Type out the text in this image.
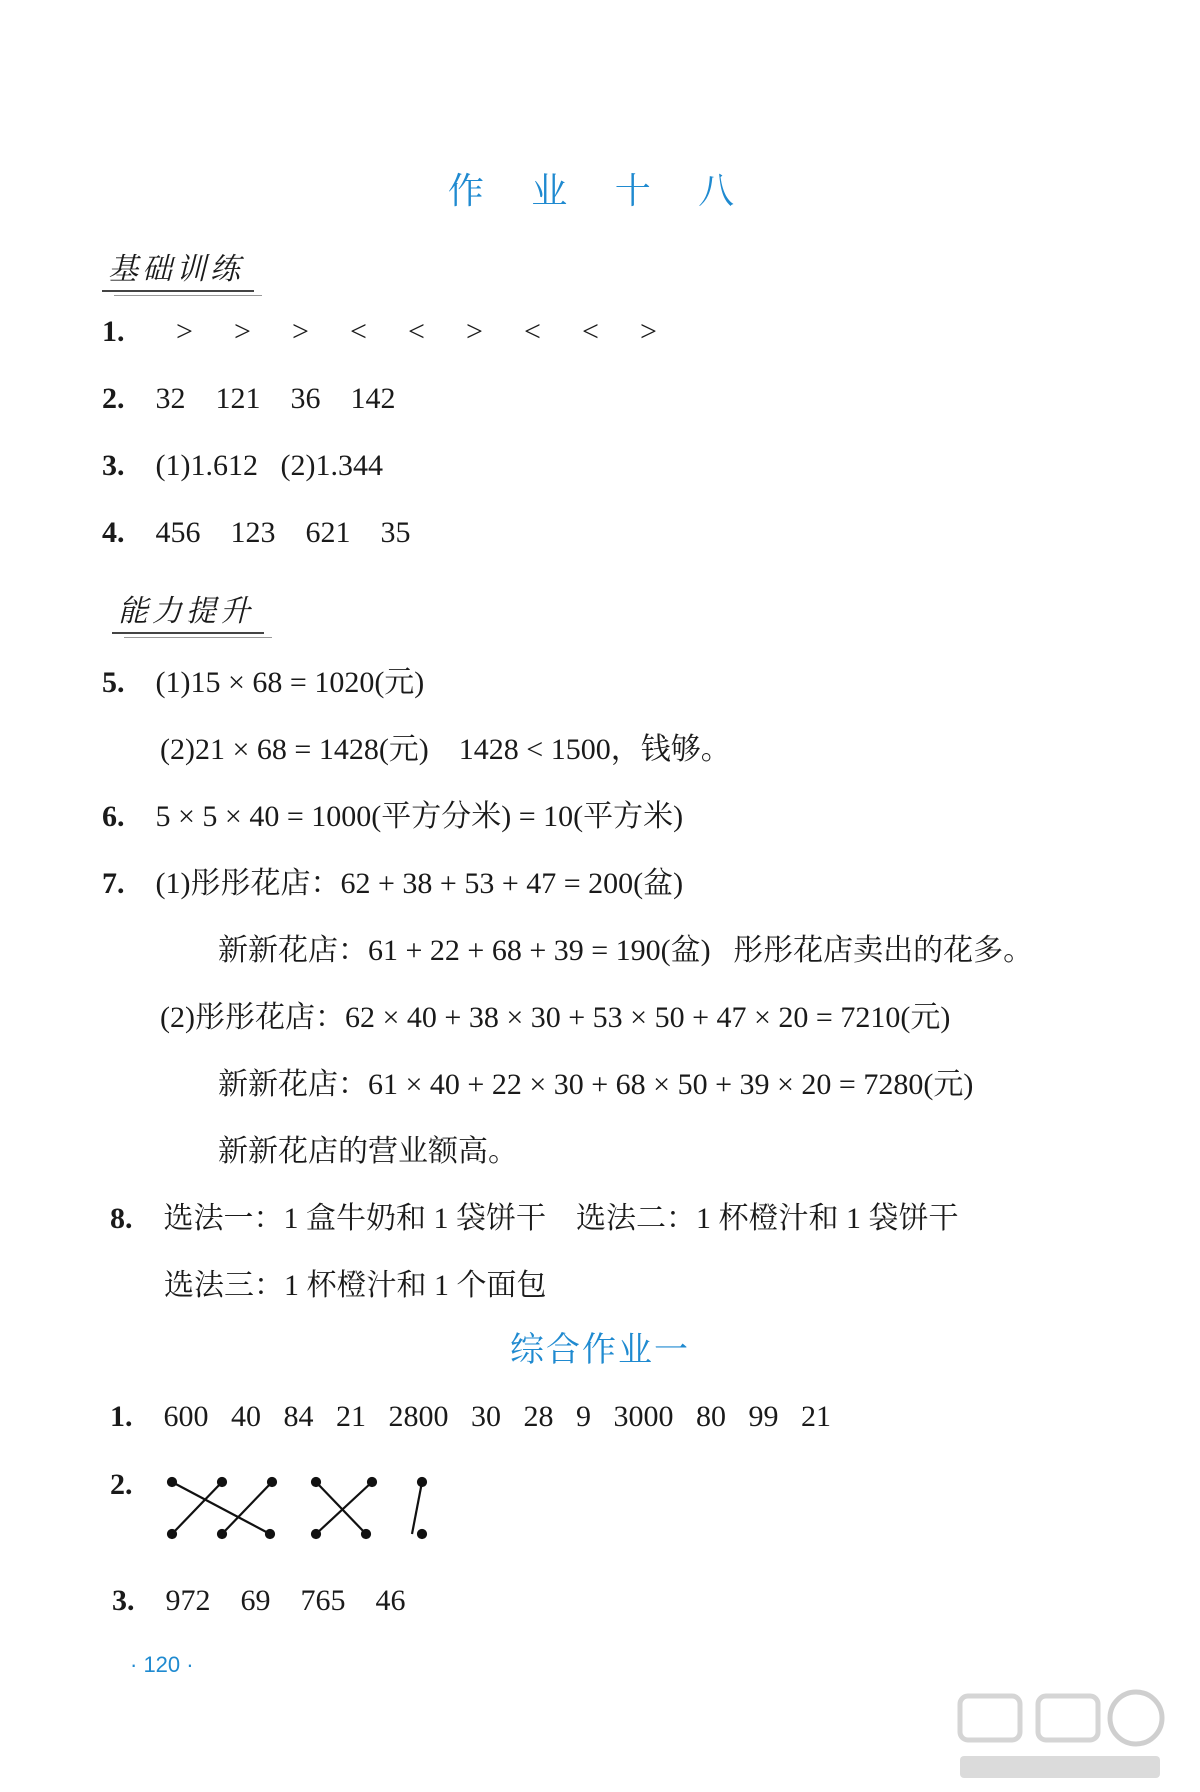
作 业 十 八
基础训练
1. > > > < < > < < >
2. 32    121    36    142
3. (1)1.612   (2)1.344
4. 456    123    621    35
能力提升
5. (1)15 × 68 = 1020(元)
(2)21 × 68 = 1428(元)    1428 < 1500，钱够。
6. 5 × 5 × 40 = 1000(平方分米) = 10(平方米)
7. (1)彤彤花店：62 + 38 + 53 + 47 = 200(盆)
新新花店：61 + 22 + 68 + 39 = 190(盆)   彤彤花店卖出的花多。
(2)彤彤花店：62 × 40 + 38 × 30 + 53 × 50 + 47 × 20 = 7210(元)
新新花店：61 × 40 + 22 × 30 + 68 × 50 + 39 × 20 = 7280(元)
新新花店的营业额高。
8. 选法一：1 盒牛奶和 1 袋饼干    选法二：1 杯橙汁和 1 袋饼干
选法三：1 杯橙汁和 1 个面包
综合作业一
1. 600   40   84   21   2800   30   28   9   3000   80   99   21
2.
3. 972    69    765    46
· 120 ·
